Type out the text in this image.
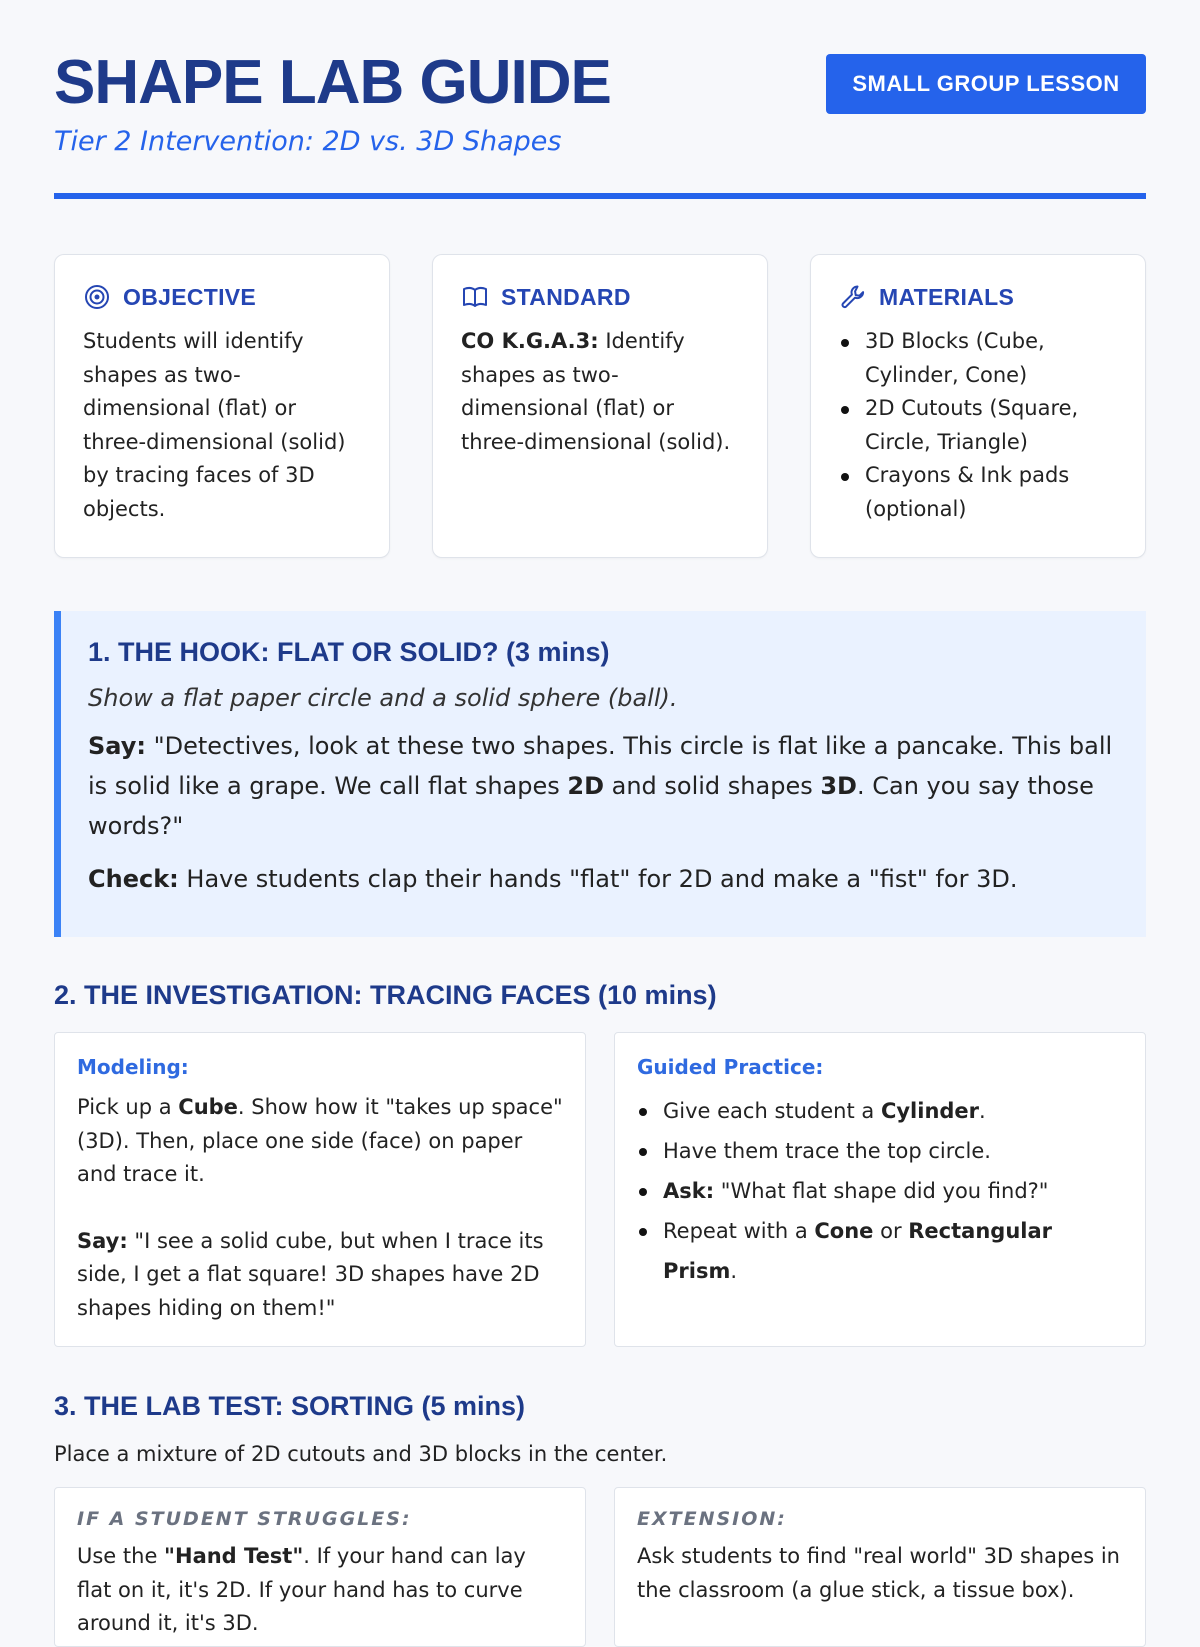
SHAPE LAB GUIDE
Tier 2 Intervention: 2D vs. 3D Shapes
SMALL GROUP LESSON
OBJECTIVE
Students will identify shapes as two-dimensional (flat) or three-dimensional (solid) by tracing faces of 3D objects.
STANDARD
CO K.G.A.3: Identify shapes as two-dimensional (flat) or three-dimensional (solid).
MATERIALS
3D Blocks (Cube, Cylinder, Cone)
2D Cutouts (Square, Circle, Triangle)
Crayons & Ink pads (optional)
1. THE HOOK: FLAT OR SOLID? (3 mins)
Show a flat paper circle and a solid sphere (ball).

Say: "Detectives, look at these two shapes. This circle is flat like a pancake. This ball is solid like a grape. We call flat shapes 2D and solid shapes 3D. Can you say those words?"

Check: Have students clap their hands "flat" for 2D and make a "fist" for 3D.

2. THE INVESTIGATION: TRACING FACES (10 mins)
Modeling:
Pick up a Cube. Show how it "takes up space" (3D). Then, place one side (face) on paper and trace it.
Say: "I see a solid cube, but when I trace its side, I get a flat square! 3D shapes have 2D shapes hiding on them!"
Guided Practice:
Give each student a Cylinder.
Have them trace the top circle.
Ask: "What flat shape did you find?"
Repeat with a Cone or Rectangular Prism.
3. THE LAB TEST: SORTING (5 mins)
Place a mixture of 2D cutouts and 3D blocks in the center.
IF A STUDENT STRUGGLES:
Use the "Hand Test". If your hand can lay flat on it, it's 2D. If your hand has to curve around it, it's 3D.
EXTENSION:
Ask students to find "real world" 3D shapes in the classroom (a glue stick, a tissue box).
